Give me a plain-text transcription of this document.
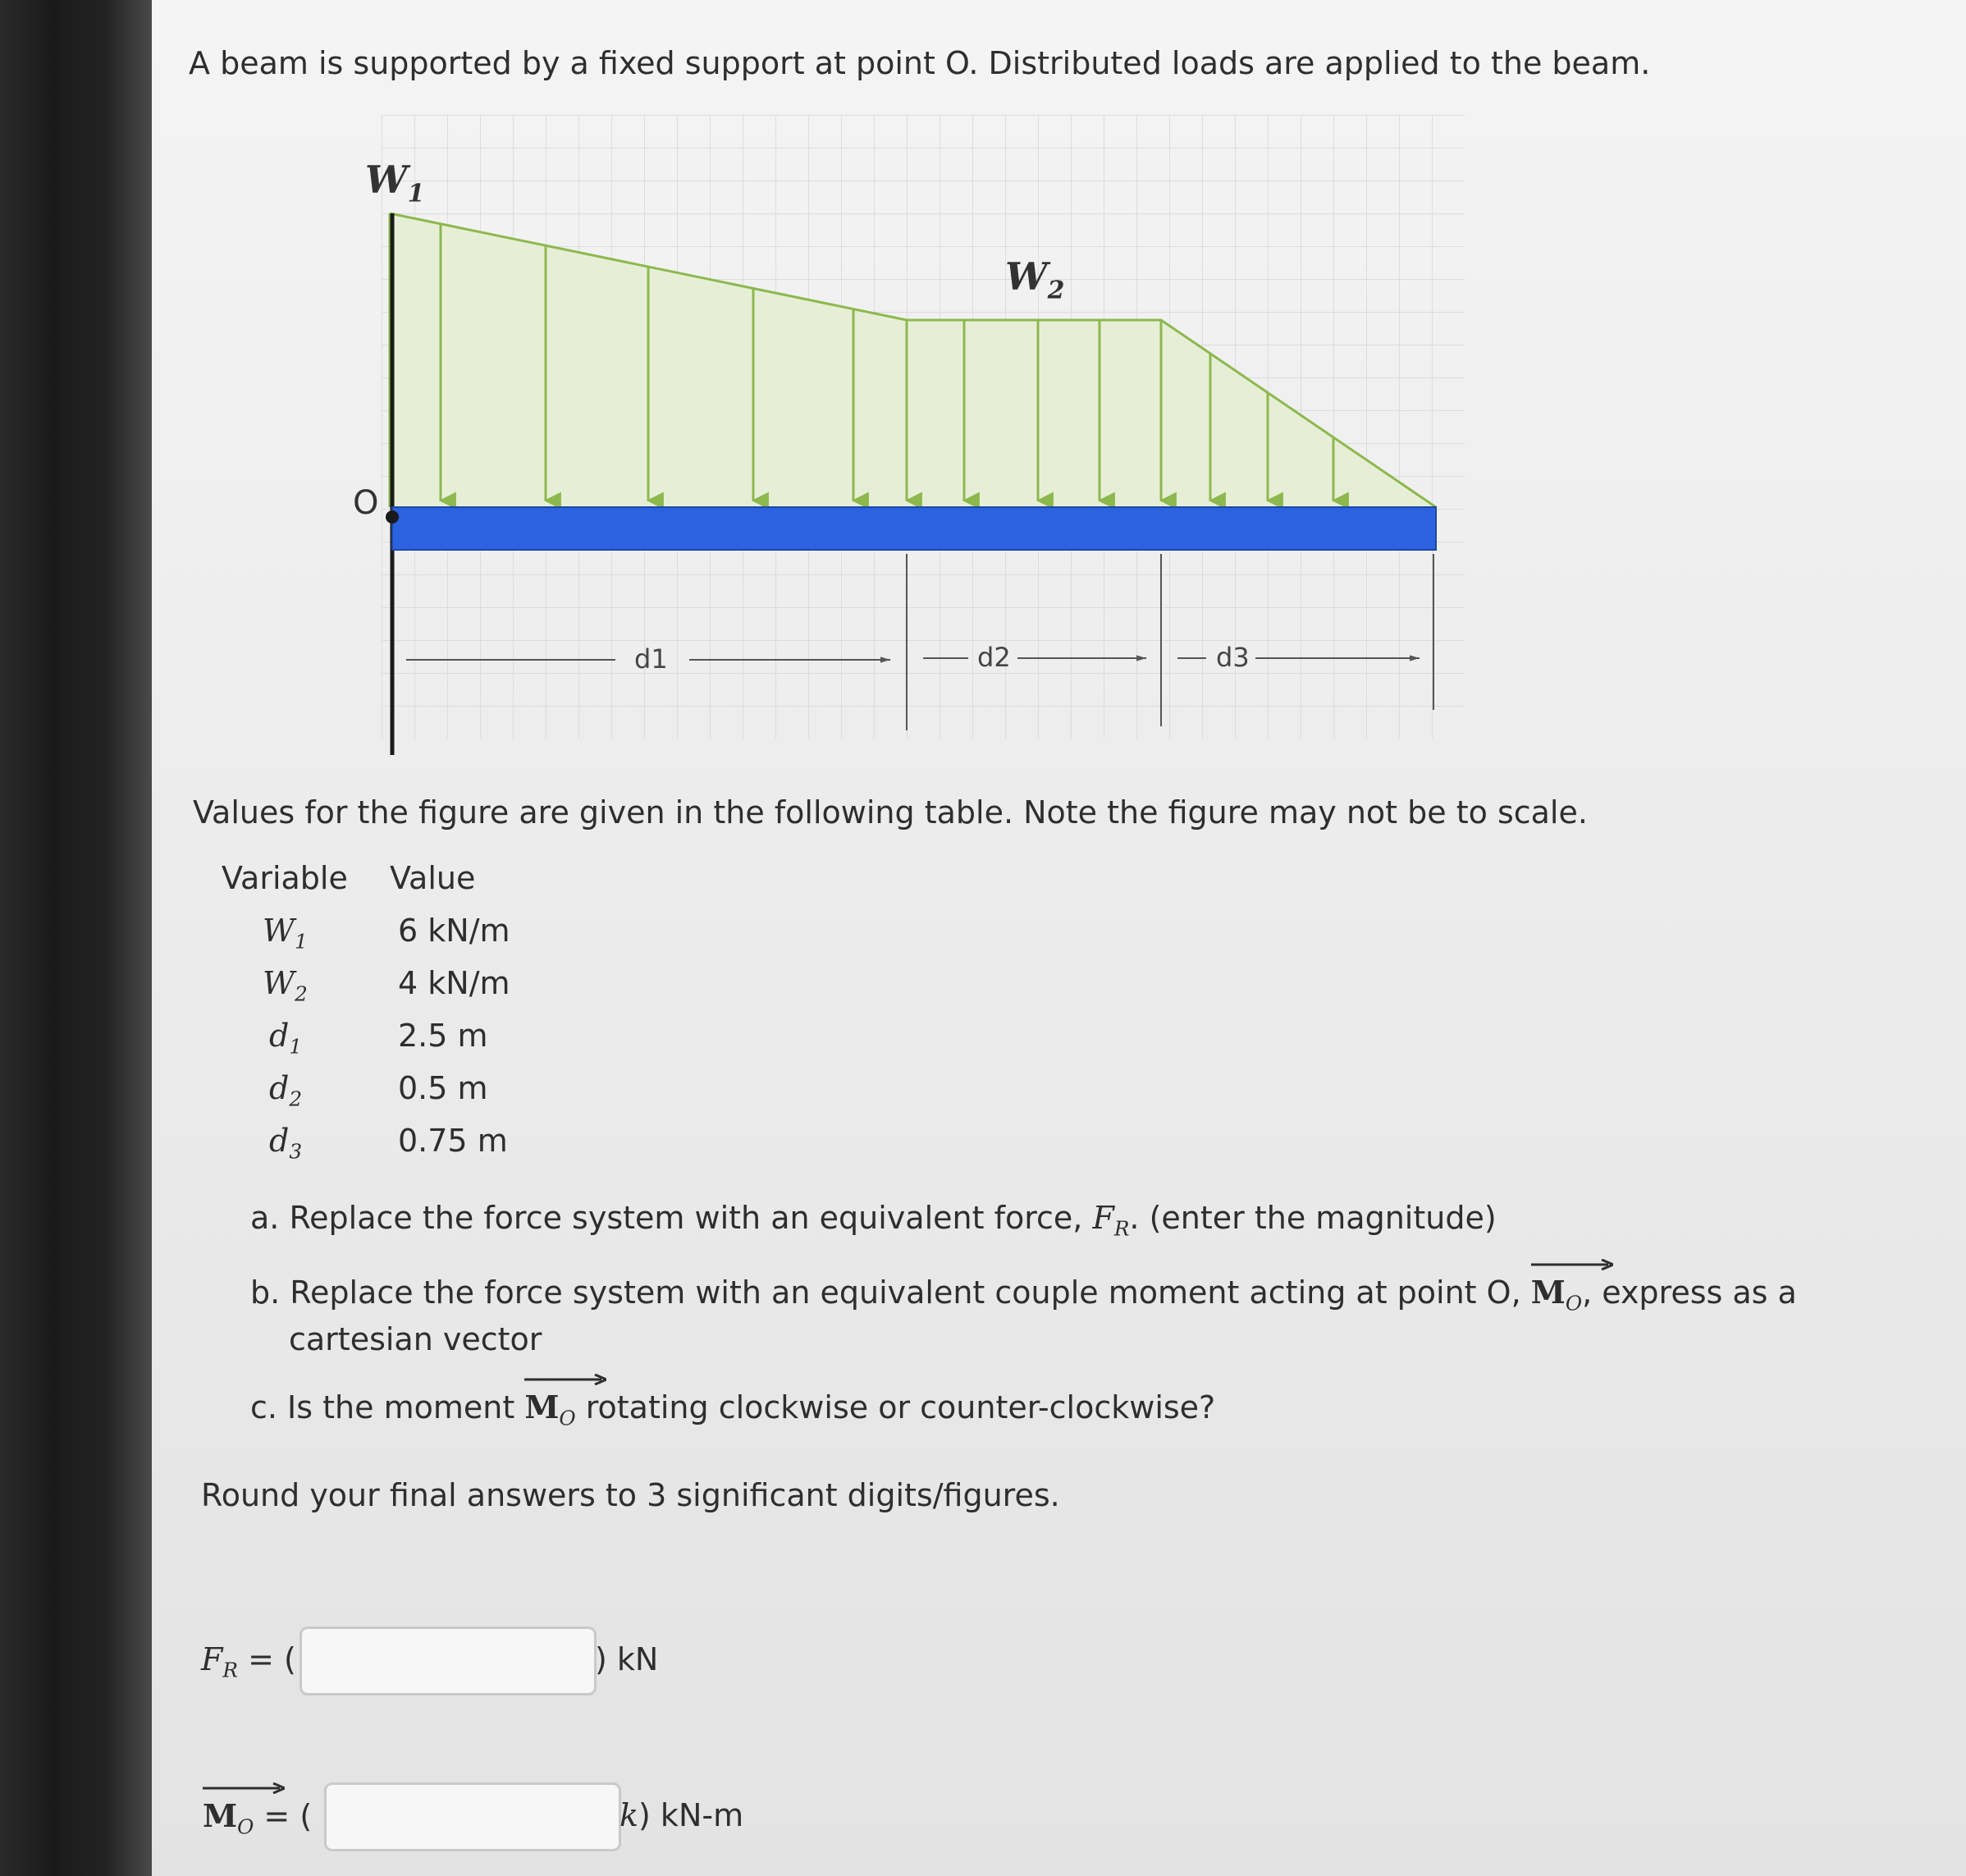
A beam is supported by a fixed support at point O. Distributed loads are applied to the beam.
$W_1$
$W_2$
O
d1	d2	d3
Values for the figure are given in the following table. Note the figure may not be to scale.
Variable Value
$W_1$	6 kN/m
$W_2$	4 kN/m
$d_1$	2.5 m
$d_2$	0.5 m
$d_3$	0.75 m
a. Replace the force system with an equivalent force, $F_R$. (enter the magnitude)
b. Replace the force system with an equivalent couple moment acting at point O, $M_O$, express as a
cartesian vector
c. Is the moment $M_O$ rotating clockwise or counter-clockwise?
Round your final answers to 3 significant digits/figures.
$F_R$ = (	) kN
$M_O$ = (	k) kN-m
